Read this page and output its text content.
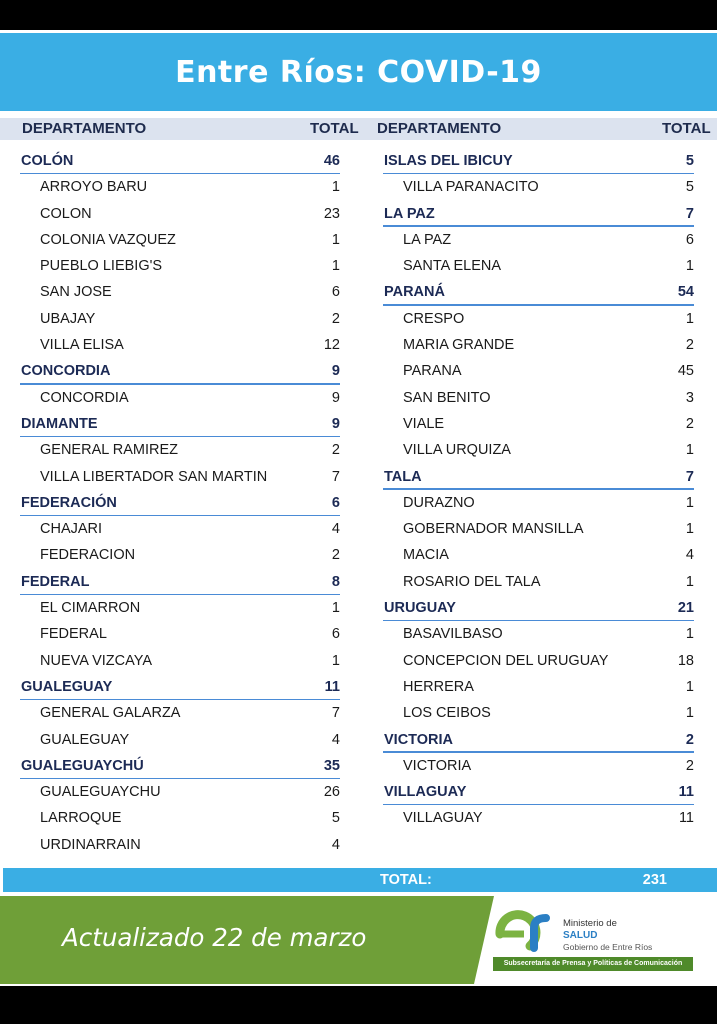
Entre Ríos: COVID-19
DEPARTAMENTO	TOTAL DEPARTAMENTO	TOTAL
COLÓN	46
ARROYO BARU	1
COLON	23
COLONIA VAZQUEZ	1
PUEBLO LIEBIG'S	1
SAN JOSE	6
UBAJAY	2
VILLA ELISA	12
CONCORDIA	9
CONCORDIA	9
DIAMANTE	9
GENERAL RAMIREZ	2
VILLA LIBERTADOR SAN MARTIN	7
FEDERACIÓN	6
CHAJARI	4
FEDERACION	2
FEDERAL	8
EL CIMARRON	1
FEDERAL	6
NUEVA VIZCAYA	1
GUALEGUAY	11
GENERAL GALARZA	7
GUALEGUAY	4
GUALEGUAYCHÚ	35
GUALEGUAYCHU	26
LARROQUE	5
URDINARRAIN	4
ISLAS DEL IBICUY	5
VILLA PARANACITO	5
LA PAZ	7
LA PAZ	6
SANTA ELENA	1
PARANÁ	54
CRESPO	1
MARIA GRANDE	2
PARANA	45
SAN BENITO	3
VIALE	2
VILLA URQUIZA	1
TALA	7
DURAZNO	1
GOBERNADOR MANSILLA	1
MACIA	4
ROSARIO DEL TALA	1
URUGUAY	21
BASAVILBASO	1
CONCEPCION DEL URUGUAY	18
HERRERA	1
LOS CEIBOS	1
VICTORIA	2
VICTORIA	2
VILLAGUAY	11
VILLAGUAY	11
TOTAL:	231
Actualizado 22 de marzo	Ministerio de
SALUD
Gobierno de Entre Ríos
Subsecretaría de Prensa y Políticas de Comunicación
